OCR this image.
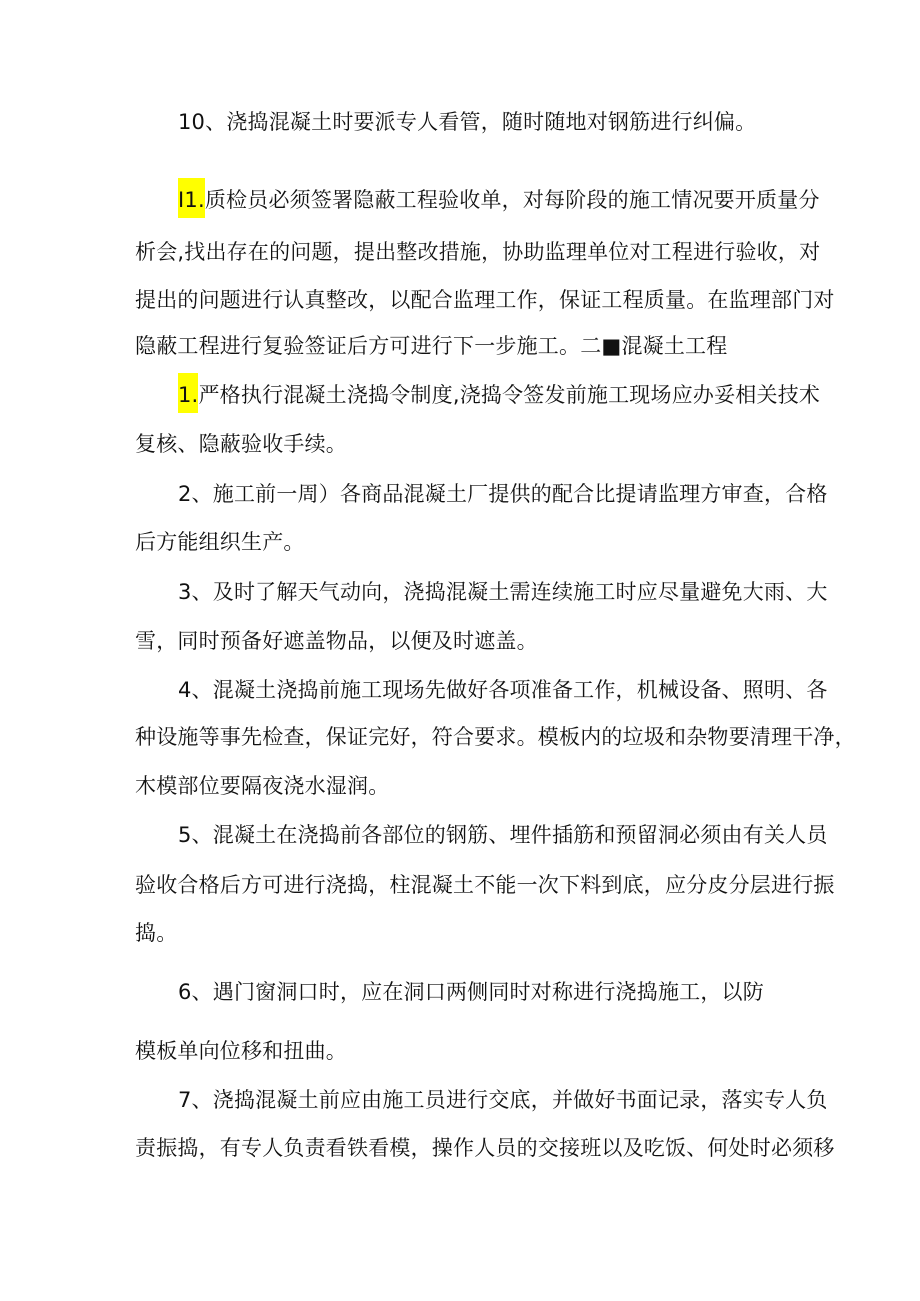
10、浇捣混凝土时要派专人看管，随时随地对钢筋进行纠偏。
I1.质检员必须签署隐蔽工程验收单，对每阶段的施工情况要开质量分
析会,找出存在的问题，提出整改措施，协助监理单位对工程进行验收，对
提出的问题进行认真整改，以配合监理工作，保证工程质量。在监理部门对
隐蔽工程进行复验签证后方可进行下一步施工。二■混凝土工程
1.严格执行混凝土浇捣令制度,浇捣令签发前施工现场应办妥相关技术
复核、隐蔽验收手续。
2、施工前一周）各商品混凝土厂提供的配合比提请监理方审查，合格
后方能组织生产。
3、及时了解天气动向，浇捣混凝土需连续施工时应尽量避免大雨、大
雪，同时预备好遮盖物品，以便及时遮盖。
4、混凝土浇捣前施工现场先做好各项准备工作，机械设备、照明、各
种设施等事先检查，保证完好，符合要求。模板内的垃圾和杂物要清理干净，
木模部位要隔夜浇水湿润。
5、混凝土在浇捣前各部位的钢筋、埋件插筋和预留洞必须由有关人员
验收合格后方可进行浇捣，柱混凝土不能一次下料到底，应分皮分层进行振
捣。
6、遇门窗洞口时，应在洞口两侧同时对称进行浇捣施工，以防
模板单向位移和扭曲。
7、浇捣混凝土前应由施工员进行交底，并做好书面记录，落实专人负
责振捣，有专人负责看铁看模，操作人员的交接班以及吃饭、何处时必须移
